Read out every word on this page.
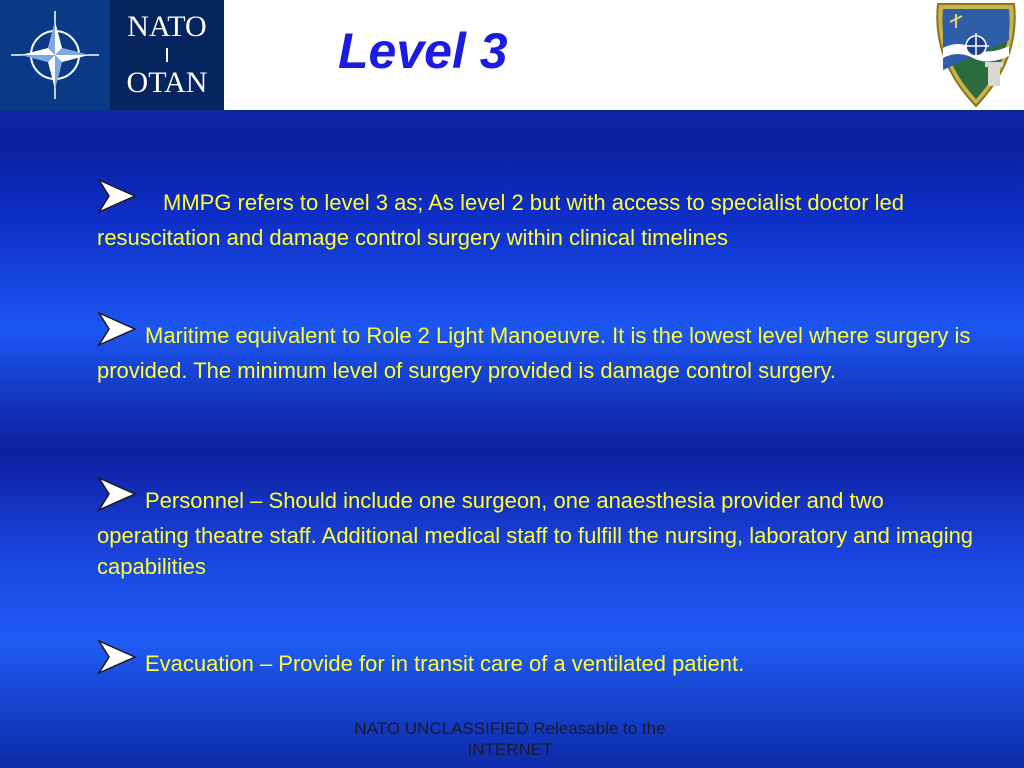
NATO
OTAN
Level 3
MMPG refers to level 3 as; As level 2 but with access to specialist doctor led resuscitation and damage control surgery within clinical timelines
Maritime equivalent to Role 2 Light Manoeuvre. It is the lowest level where surgery is provided. The minimum level of surgery provided is damage control surgery.
Personnel – Should include one surgeon, one anaesthesia provider and two operating theatre staff. Additional medical staff to fulfill the nursing, laboratory and imaging capabilities
Evacuation – Provide for in transit care of a ventilated patient.
NATO UNCLASSIFIED Releasable to the INTERNET
